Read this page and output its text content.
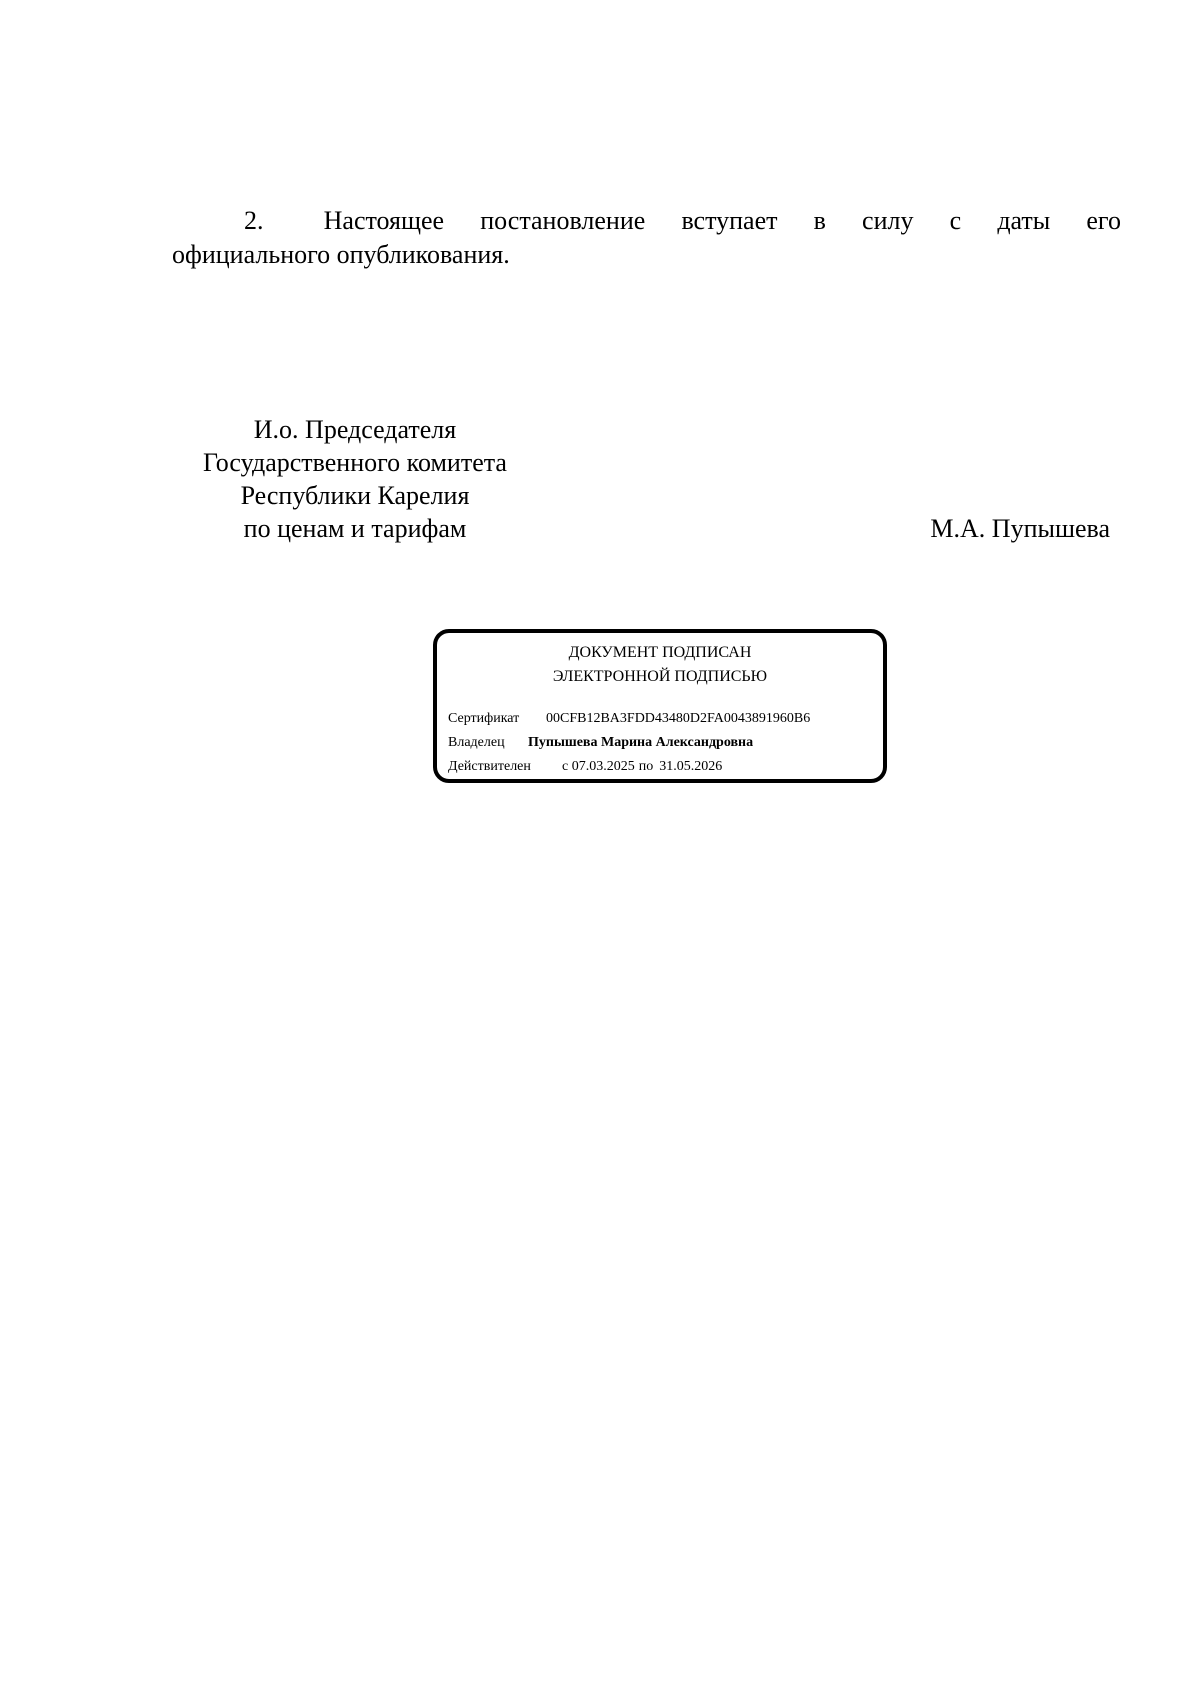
2. Настоящее постановление вступает в силу с даты его
официального опубликования.
И.о. Председателя
Государственного комитета
Республики Карелия
по ценам и тарифам	М.А. Пупышева
ДОКУМЕНТ ПОДПИСАН
ЭЛЕКТРОННОЙ ПОДПИСЬЮ
Сертификат 00CFB12BA3FDD43480D2FA0043891960B6
Владелец Пупышева Марина Александровна
Действителен с 07.03.2025 по 31.05.2026
